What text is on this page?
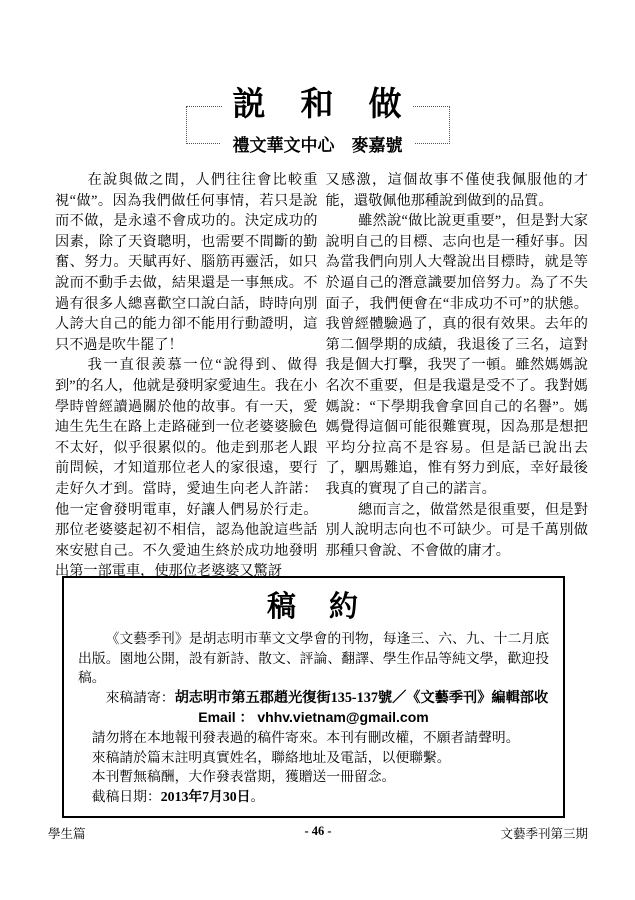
説　和　做
禮文華文中心　麥嘉號

在說與做之間，人們往往會比較重視“做”。因為我們做任何事情，若只是說而不做，是永遠不會成功的。決定成功的因素，除了天資聰明，也需要不間斷的勤奮、努力。天賦再好、腦筋再靈活，如只說而不動手去做，結果還是一事無成。不過有很多人總喜歡空口說白話，時時向別人誇大自己的能力卻不能用行動證明，這只不過是吹牛罷了！

我一直很羨慕一位“說得到、做得到”的名人，他就是發明家愛迪生。我在小學時曾經讀過關於他的故事。有一天，愛迪生先生在路上走路碰到一位老婆婆臉色不太好，似乎很累似的。他走到那老人跟前問候，才知道那位老人的家很遠，要行走好久才到。當時，愛迪生向老人許諾：他一定會發明電車，好讓人們易於行走。那位老婆婆起初不相信，認為他說這些話來安慰自己。不久愛迪生終於成功地發明出第一部電車，使那位老婆婆又驚訝

又感激，這個故事不僅使我佩服他的才能，還敬佩他那種說到做到的品質。

雖然說“做比說更重要”，但是對大家說明自己的目標、志向也是一種好事。因為當我們向別人大聲說出目標時，就是等於逼自己的潛意識要加倍努力。為了不失面子，我們便會在“非成功不可”的狀態。我曾經體驗過了，真的很有效果。去年的第二個學期的成績，我退後了三名，這對我是個大打擊，我哭了一頓。雖然媽媽說名次不重要，但是我還是受不了。我對媽媽說：“下學期我會拿回自己的名譽”。媽媽覺得這個可能很難實現，因為那是想把平均分拉高不是容易。但是話已說出去了，駟馬難追，惟有努力到底，幸好最後我真的實現了自己的諾言。

總而言之，做當然是很重要，但是對別人說明志向也不可缺少。可是千萬別做那種只會說、不會做的庸才。

稿　約

《文藝季刊》是胡志明市華文文學會的刊物，每逢三、六、九、十二月底出版。園地公開，設有新詩、散文、評論、翻譯、學生作品等純文學，歡迎投稿。

來稿請寄：胡志明市第五郡趙光復街135-137號／《文藝季刊》編輯部收

Email ： vhhv.vietnam@gmail.com

請勿將在本地報刊發表過的稿件寄來。本刊有刪改權，不願者請聲明。

來稿請於篇末註明真實姓名，聯絡地址及電話，以便聯繫。

本刊暫無稿酬，大作發表當期，獲贈送一冊留念。

截稿日期：2013年7月30日。

學生篇	- 46 -	文藝季刊第三期
